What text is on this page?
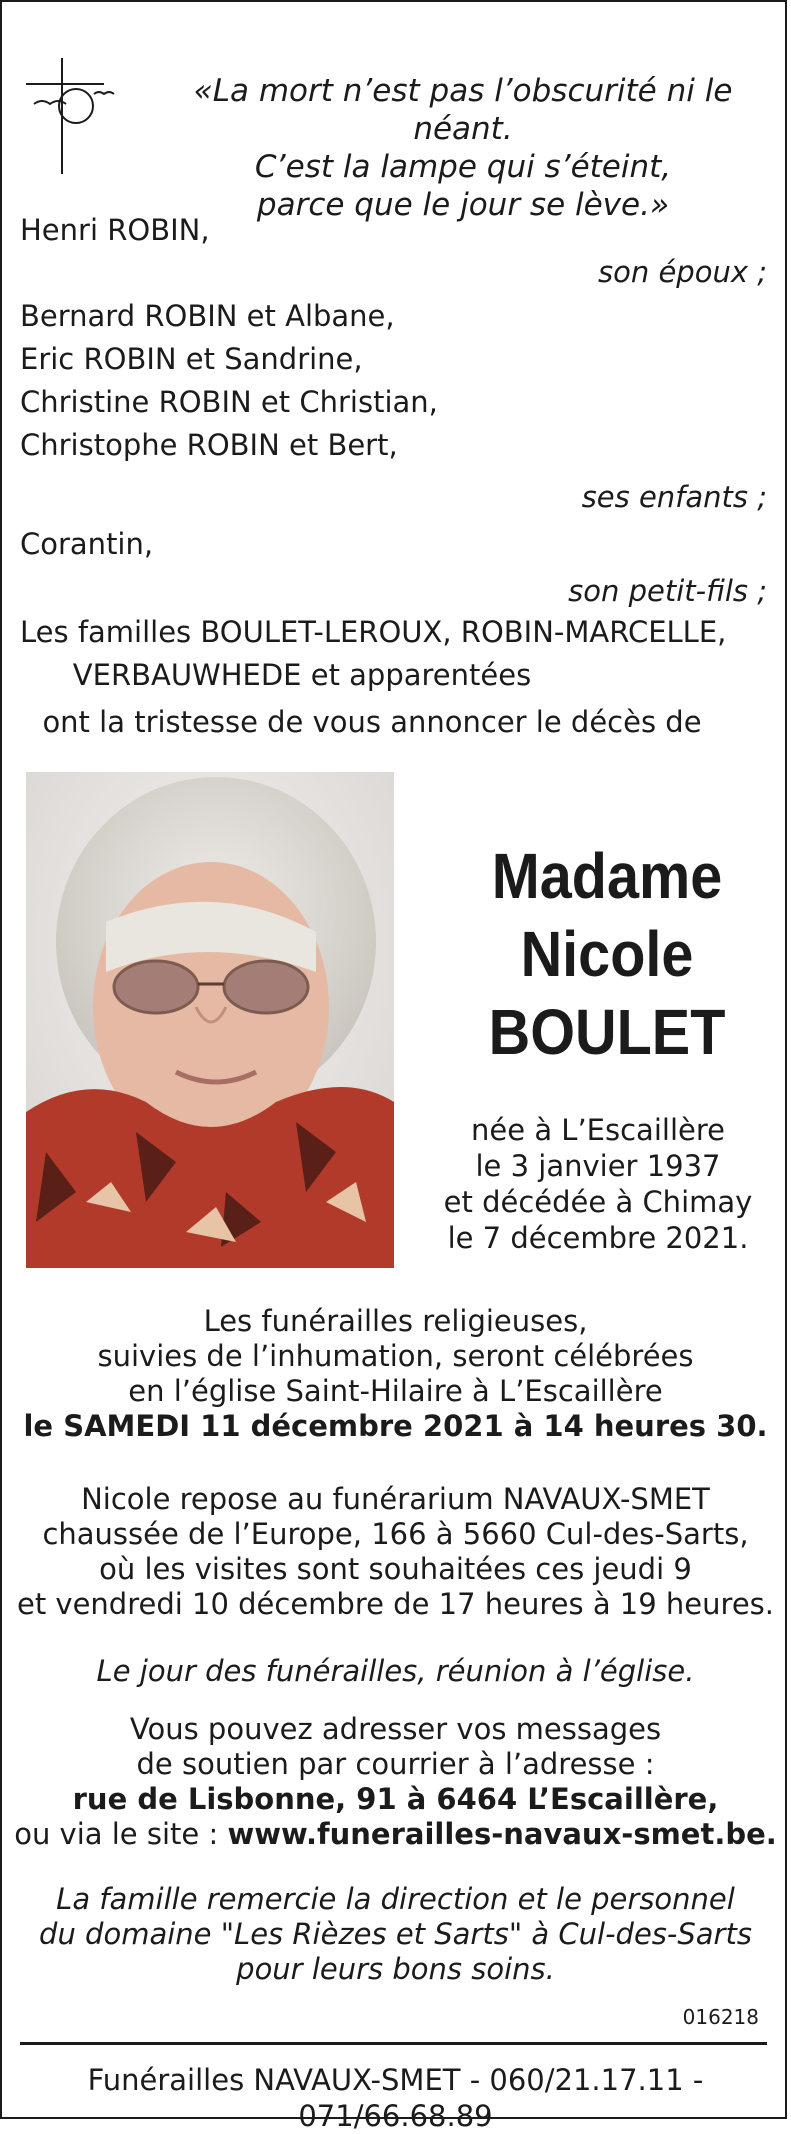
«La mort n’est pas l’obscurité ni le néant.
C’est la lampe qui s’éteint,
parce que le jour se lève.»
Henri ROBIN,
son époux ;
Bernard ROBIN et Albane,
Eric ROBIN et Sandrine,
Christine ROBIN et Christian,
Christophe ROBIN et Bert,
ses enfants ;
Corantin,
son petit-fils ;
Les familles BOULET-LEROUX, ROBIN-MARCELLE,
VERBAUWHEDE et apparentées
ont la tristesse de vous annoncer le décès de
Madame
Nicole
BOULET
née à L’Escaillère
le 3 janvier 1937
et décédée à Chimay
le 7 décembre 2021.
Les funérailles religieuses,
suivies de l’inhumation, seront célébrées
en l’église Saint-Hilaire à L’Escaillère
le SAMEDI 11 décembre 2021 à 14 heures 30.
Nicole repose au funérarium NAVAUX-SMET
chaussée de l’Europe, 166 à 5660 Cul-des-Sarts,
où les visites sont souhaitées ces jeudi 9
et vendredi 10 décembre de 17 heures à 19 heures.
Le jour des funérailles, réunion à l’église.
Vous pouvez adresser vos messages
de soutien par courrier à l’adresse :
rue de Lisbonne, 91 à 6464 L’Escaillère,
ou via le site : www.funerailles-navaux-smet.be.
La famille remercie la direction et le personnel
du domaine "Les Rièzes et Sarts" à Cul-des-Sarts
pour leurs bons soins.
016218
Funérailles NAVAUX-SMET - 060/21.17.11 - 071/66.68.89
